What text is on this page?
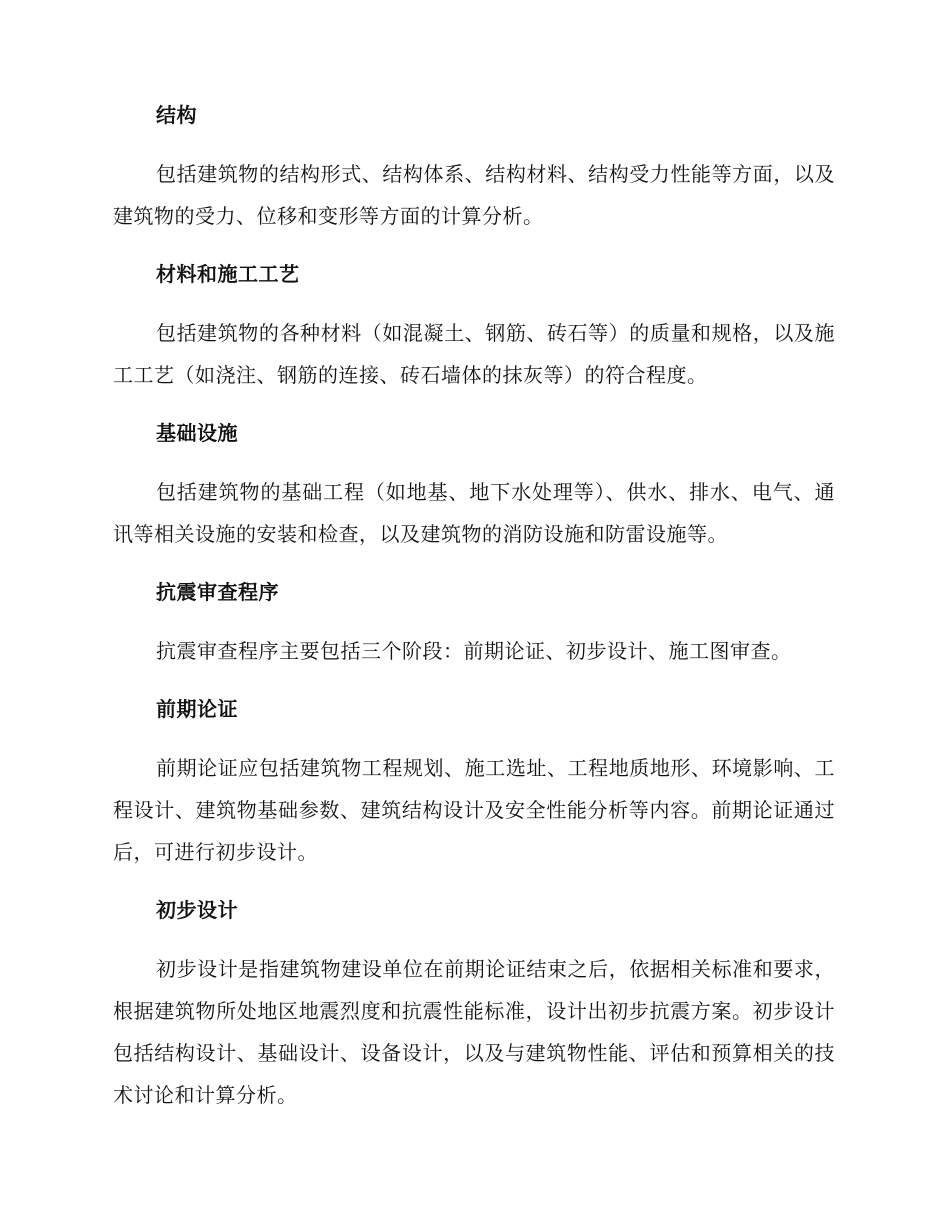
结构

包括建筑物的结构形式、结构体系、结构材料、结构受力性能等方面，以及建筑物的受力、位移和变形等方面的计算分析。

材料和施工工艺

包括建筑物的各种材料（如混凝土、钢筋、砖石等）的质量和规格，以及施工工艺（如浇注、钢筋的连接、砖石墙体的抹灰等）的符合程度。

基础设施

包括建筑物的基础工程（如地基、地下水处理等）、供水、排水、电气、通讯等相关设施的安装和检查，以及建筑物的消防设施和防雷设施等。

抗震审查程序

抗震审查程序主要包括三个阶段：前期论证、初步设计、施工图审查。

前期论证

前期论证应包括建筑物工程规划、施工选址、工程地质地形、环境影响、工程设计、建筑物基础参数、建筑结构设计及安全性能分析等内容。前期论证通过后，可进行初步设计。

初步设计

初步设计是指建筑物建设单位在前期论证结束之后，依据相关标准和要求，根据建筑物所处地区地震烈度和抗震性能标准，设计出初步抗震方案。初步设计包括结构设计、基础设计、设备设计，以及与建筑物性能、评估和预算相关的技术讨论和计算分析。
